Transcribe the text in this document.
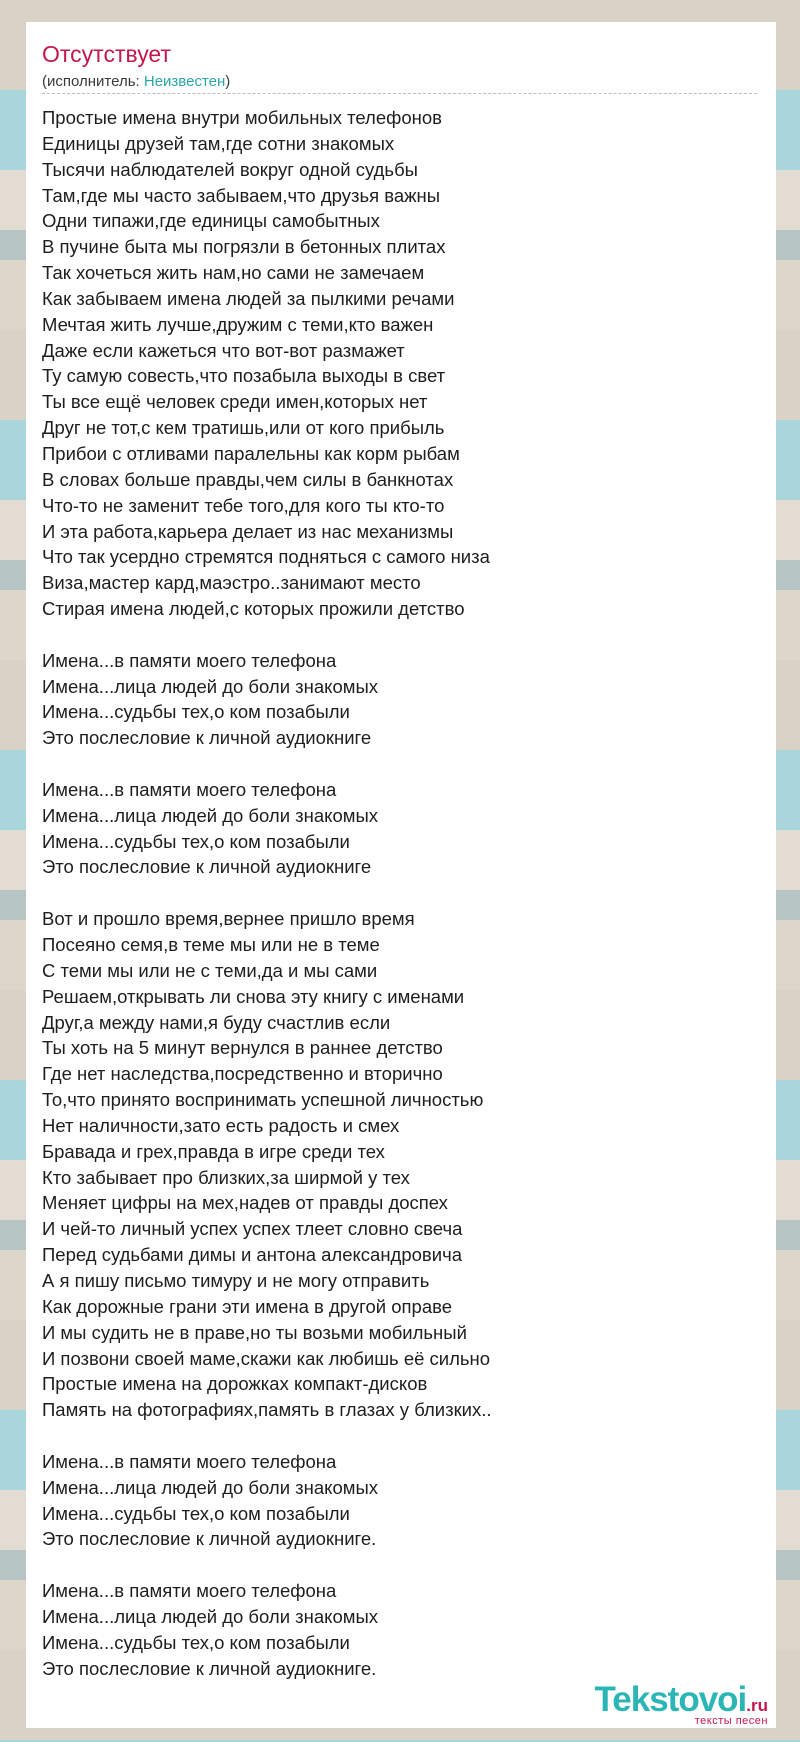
Отсутствует
(исполнитель: Неизвестен)
Простые имена внутри мобильных телефонов
Единицы друзей там,где сотни знакомых
Тысячи наблюдателей вокруг одной судьбы
Там,где мы часто забываем,что друзья важны
Одни типажи,где единицы самобытных
В пучине быта мы погрязли в бетонных плитах
Так хочеться жить нам,но сами не замечаем
Как забываем имена людей за пылкими речами
Мечтая жить лучше,дружим с теми,кто важен
Даже если кажеться что вот-вот размажет
Ту самую совесть,что позабыла выходы в свет
Ты все ещё человек среди имен,которых нет
Друг не тот,с кем тратишь,или от кого прибыль
Прибои с отливами паралельны как корм рыбам
В словах больше правды,чем силы в банкнотах
Что-то не заменит тебе того,для кого ты кто-то
И эта работа,карьера делает из нас механизмы
Что так усердно стремятся подняться с самого низа
Виза,мастер кард,маэстро..занимают место
Стирая имена людей,с которых прожили детство
Имена...в памяти моего телефона
Имена...лица людей до боли знакомых
Имена...судьбы тех,о ком позабыли
Это послесловие к личной аудиокниге
Имена...в памяти моего телефона
Имена...лица людей до боли знакомых
Имена...судьбы тех,о ком позабыли
Это послесловие к личной аудиокниге
Вот и прошло время,вернее пришло время
Посеяно семя,в теме мы или не в теме
С теми мы или не с теми,да и мы сами
Решаем,открывать ли снова эту книгу с именами
Друг,а между нами,я буду счастлив если
Ты хоть на 5 минут вернулся в раннее детство
Где нет наследства,посредственно и вторично
То,что принято воспринимать успешной личностью
Нет наличности,зато есть радость и смех
Бравада и грех,правда в игре среди тех
Кто забывает про близких,за ширмой у тех
Меняет цифры на мех,надев от правды доспех
И чей-то личный успех успех тлеет словно свеча
Перед судьбами димы и антона александровича
А я пишу письмо тимуру и не могу отправить
Как дорожные грани эти имена в другой оправе
И мы судить не в праве,но ты возьми мобильный
И позвони своей маме,скажи как любишь её сильно
Простые имена на дорожках компакт-дисков
Память на фотографиях,память в глазах у близких..
Имена...в памяти моего телефона
Имена...лица людей до боли знакомых
Имена...судьбы тех,о ком позабыли
Это послесловие к личной аудиокниге.
Имена...в памяти моего телефона
Имена...лица людей до боли знакомых
Имена...судьбы тех,о ком позабыли
Это послесловие к личной аудиокниге.
Tekstovoi.ru
тексты песен
